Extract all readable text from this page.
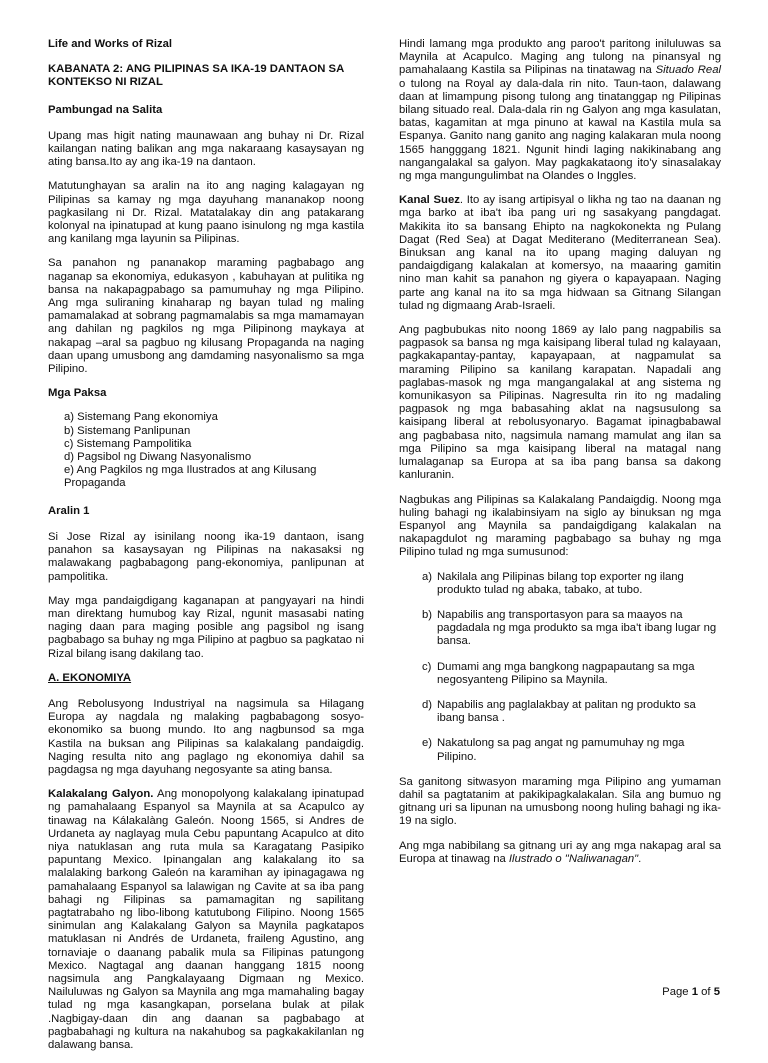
Life and Works of Rizal
KABANATA 2: ANG PILIPINAS SA IKA-19 DANTAON SA KONTEKSO NI RIZAL
Pambungad na Salita

Upang mas higit nating maunawaan ang buhay ni Dr. Rizal kailangan nating balikan ang mga nakaraang kasaysayan ng ating bansa.Ito ay ang ika-19 na dantaon.

Matutunghayan sa aralin na ito ang naging kalagayan ng Pilipinas sa kamay ng mga dayuhang mananakop noong pagkasilang ni Dr. Rizal. Matatalakay din ang patakarang kolonyal na ipinatupad at kung paano isinulong ng mga kastila ang kanilang mga layunin sa Pilipinas.

Sa panahon ng pananakop maraming pagbabago ang naganap sa ekonomiya, edukasyon , kabuhayan at pulitika ng bansa na nakapagpabago sa pamumuhay ng mga Pilipino. Ang mga suliraning kinaharap ng bayan tulad ng maling pamamalakad at sobrang pagmamalabis sa mga mamamayan ang dahilan ng pagkilos ng mga Pilipinong maykaya at nakapag –aral sa pagbuo ng kilusang Propaganda na naging daan upang umusbong ang damdaming nasyonalismo sa mga Pilipino.

Mga Paksa
a) Sistemang Pang ekonomiya
b) Sistemang Panlipunan
c) Sistemang Pampolitika
d) Pagsibol ng Diwang Nasyonalismo
e) Ang Pagkilos ng mga Ilustrados at ang Kilusang Propaganda
Aralin 1

Si Jose Rizal ay isinilang noong ika-19 dantaon, isang panahon sa kasaysayan ng Pilipinas na nakasaksi ng malawakang pagbabagong pang-ekonomiya, panlipunan at pampolitika.

May mga pandaigdigang kaganapan at pangyayari na hindi man direktang humubog kay Rizal, ngunit masasabi nating naging daan para maging posible ang pagsibol ng isang pagbabago sa buhay ng mga Pilipino at pagbuo sa pagkatao ni Rizal bilang isang dakilang tao.

A. EKONOMIYA

Ang Rebolusyong Industriyal na nagsimula sa Hilagang Europa ay nagdala ng malaking pagbabagong sosyo-ekonomiko sa buong mundo. Ito ang nagbunsod sa mga Kastila na buksan ang Pilipinas sa kalakalang pandaigdig. Naging resulta nito ang paglago ng ekonomiya dahil sa pagdagsa ng mga dayuhang negosyante sa ating bansa.

Kalakalang Galyon. Ang monopolyong kalakalang ipinatupad ng pamahalaang Espanyol sa Maynila at sa Acapulco ay tinawag na Kálakalàng Galeón. Noong 1565, si Andres de Urdaneta ay naglayag mula Cebu papuntang Acapulco at dito niya natuklasan ang ruta mula sa Karagatang Pasipiko papuntang Mexico. Ipinangalan ang kalakalang ito sa malalaking barkong Galeón na karamihan ay ipinagagawa ng pamahalaang Espanyol sa lalawigan ng Cavite at sa iba pang bahagi ng Filipinas sa pamamagitan ng sapilitang pagtatrabaho ng libo-libong katutubong Filipino. Noong 1565 sinimulan ang Kalakalang Galyon sa Maynila pagkatapos matuklasan ni Andrés de Urdaneta, fraileng Agustino, ang tornaviaje o daanang pabalik mula sa Filipinas patungong Mexico. Nagtagal ang daanan hanggang 1815 noong nagsimula ang Pangkalayaang Digmaan ng Mexico. Nailuluwas ng Galyon sa Maynila ang mga mamahaling bagay tulad ng mga kasangkapan, porselana bulak at pilak .Nagbigay-daan din ang daanan sa pagbabago at pagbabahagi ng kultura na nakahubog sa pagkakakilanlan ng dalawang bansa.

Hindi lamang mga produkto ang paroo't paritong iniluluwas sa Maynila at Acapulco. Maging ang tulong na pinansyal ng pamahalaang Kastila sa Pilipinas na tinatawag na Situado Real o tulong na Royal ay dala-dala rin nito. Taun-taon, dalawang daan at limampung pisong tulong ang tinatanggap ng Pilipinas bilang situado real. Dala-dala rin ng Galyon ang mga kasulatan, batas, kagamitan at mga pinuno at kawal na Kastila mula sa Espanya. Ganito nang ganito ang naging kalakaran mula noong 1565 hangggang 1821. Ngunit hindi laging nakikinabang ang nangangalakal sa galyon. May pagkakataong ito'y sinasalakay ng mga mangungulimbat na Olandes o Inggles.

Kanal Suez. Ito ay isang artipisyal o likha ng tao na daanan ng mga barko at iba't iba pang uri ng sasakyang pangdagat. Makikita ito sa bansang Ehipto na nagkokonekta ng Pulang Dagat (Red Sea) at Dagat Mediterano (Mediterranean Sea). Binuksan ang kanal na ito upang maging daluyan ng pandaigdigang kalakalan at komersyo, na maaaring gamitin nino man kahit sa panahon ng giyera o kapayapaan. Naging parte ang kanal na ito sa mga hidwaan sa Gitnang Silangan tulad ng digmaang Arab-Israeli.

Ang pagbubukas nito noong 1869 ay lalo pang nagpabilis sa pagpasok sa bansa ng mga kaisipang liberal tulad ng kalayaan, pagkakapantay-pantay, kapayapaan, at nagpamulat sa maraming Pilipino sa kanilang karapatan. Napadali ang paglabas-masok ng mga mangangalakal at ang sistema ng komunikasyon sa Pilipinas. Nagresulta rin ito ng madaling pagpasok ng mga babasahing aklat na nagsusulong sa kaisipang liberal at rebolusyonaryo. Bagamat ipinagbabawal ang pagbabasa nito, nagsimula namang mamulat ang ilan sa mga Pilipino sa mga kaisipang liberal na matagal nang lumalaganap sa Europa at sa iba pang bansa sa dakong kanluranin.

Nagbukas ang Pilipinas sa Kalakalang Pandaigdig. Noong mga huling bahagi ng ikalabinsiyam na siglo ay binuksan ng mga Espanyol ang Maynila sa pandaigdigang kalakalan na nakapagdulot ng maraming pagbabago sa buhay ng mga Pilipino tulad ng mga sumusunod:

a) Nakilala ang Pilipinas bilang top exporter ng ilang produkto tulad ng abaka, tabako, at tubo.
b) Napabilis ang transportasyon para sa maayos na pagdadala ng mga produkto sa mga iba't ibang lugar ng bansa.
c) Dumami ang mga bangkong nagpapautang sa mga negosyanteng Pilipino sa Maynila.
d) Napabilis ang paglalakbay at palitan ng produkto sa ibang bansa .
e) Nakatulong sa pag angat ng pamumuhay ng mga Pilipino.

Sa ganitong sitwasyon maraming mga Pilipino ang yumaman dahil sa pagtatanim at pakikipagkalakalan. Sila ang bumuo ng gitnang uri sa lipunan na umusbong noong huling bahagi ng ika-19 na siglo.

Ang mga nabibilang sa gitnang uri ay ang mga nakapag aral sa Europa at tinawag na Ilustrado o "Naliwanagan".

Page 1 of 5
